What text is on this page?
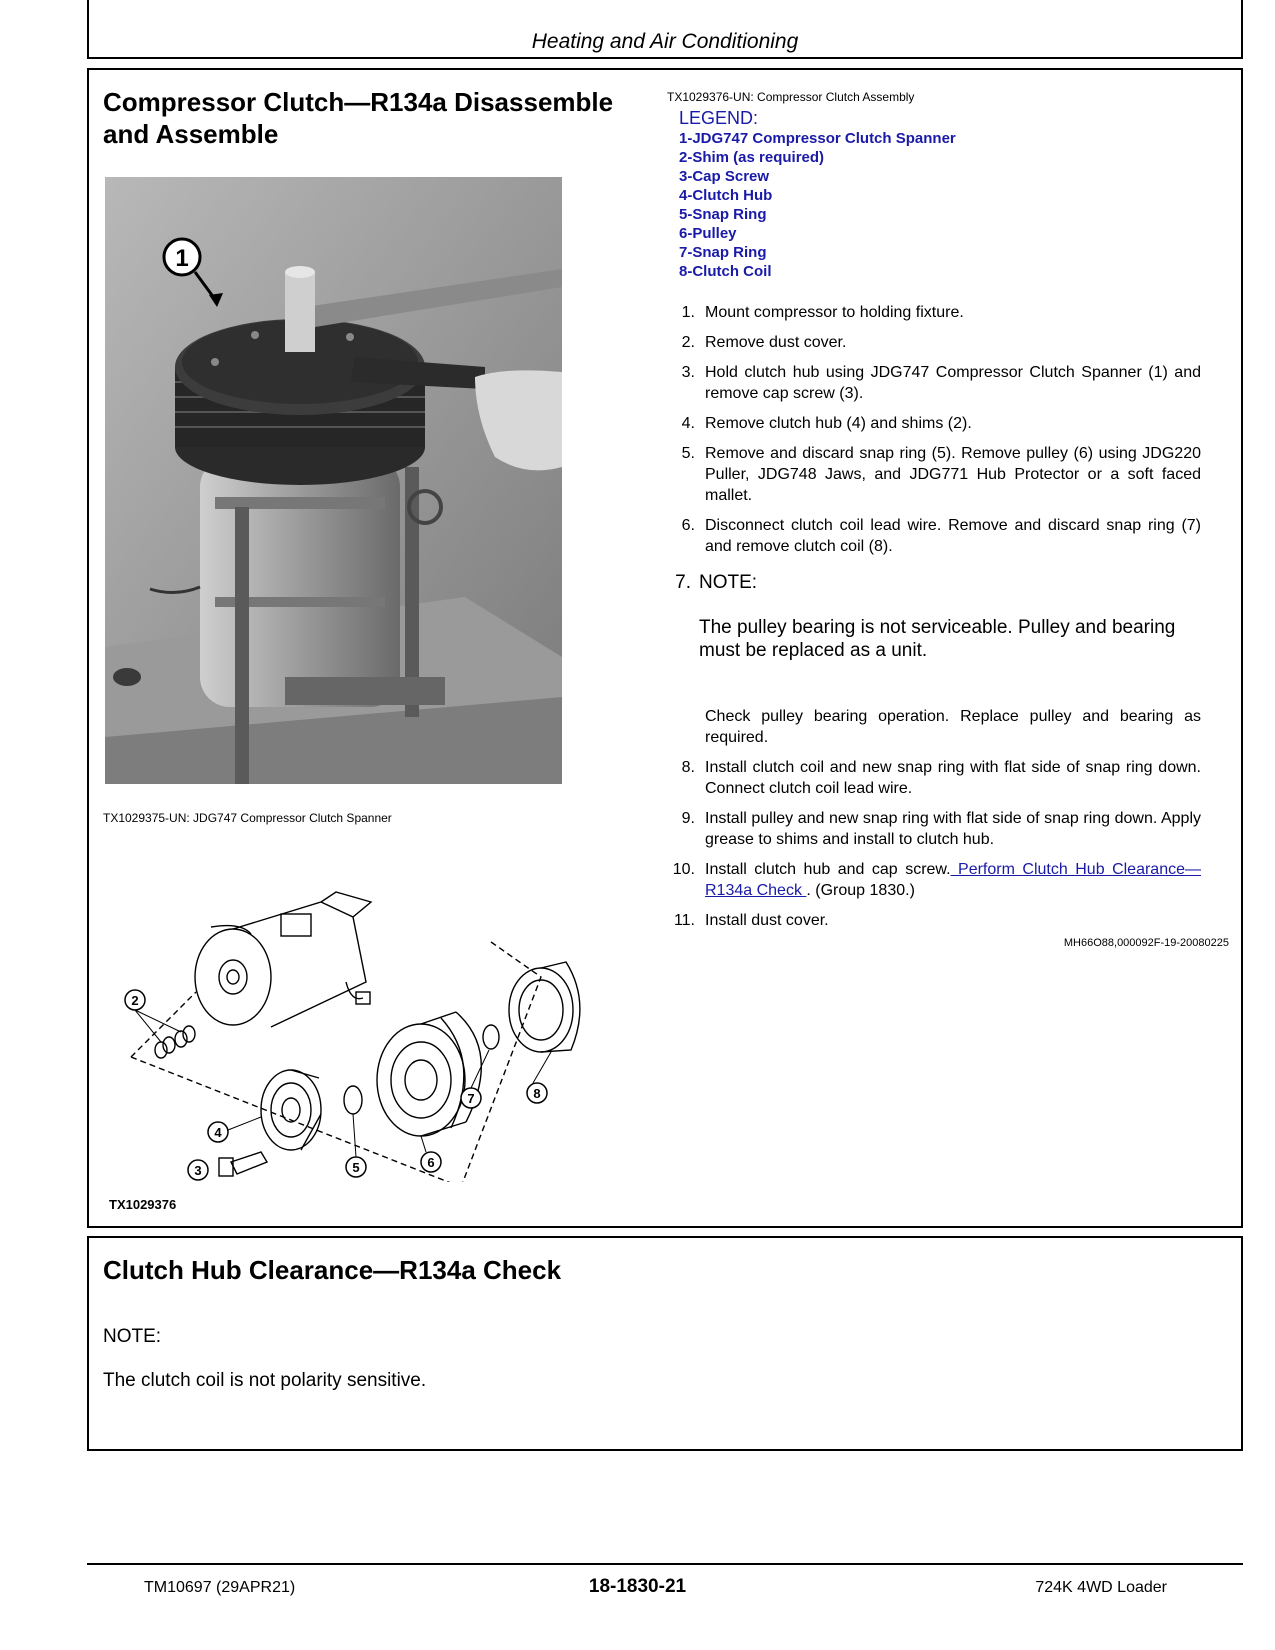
Heating and Air Conditioning
Compressor Clutch—R134a Disassemble and Assemble
1
TX1029375-UN: JDG747 Compressor Clutch Spanner
2
3
4
5	6
7	8
TX1029376
TX1029376-UN: Compressor Clutch Assembly
LEGEND:
1-JDG747 Compressor Clutch Spanner
2-Shim (as required)
3-Cap Screw
4-Clutch Hub
5-Snap Ring
6-Pulley
7-Snap Ring
8-Clutch Coil
1. Mount compressor to holding fixture.
2. Remove dust cover.
3. Hold clutch hub using JDG747 Compressor Clutch Spanner (1) and remove cap screw (3).
4. Remove clutch hub (4) and shims (2).
5. Remove and discard snap ring (5). Remove pulley (6) using JDG220 Puller, JDG748 Jaws, and JDG771 Hub Protector or a soft faced mallet.
6. Disconnect clutch coil lead wire. Remove and discard snap ring (7) and remove clutch coil (8).
7. NOTE:
The pulley bearing is not serviceable. Pulley and bearing must be replaced as a unit.
Check pulley bearing operation. Replace pulley and bearing as required.
8. Install clutch coil and new snap ring with flat side of snap ring down. Connect clutch coil lead wire.
9. Install pulley and new snap ring with flat side of snap ring down. Apply grease to shims and install to clutch hub.
10. Install clutch hub and cap screw. Perform Clutch Hub Clearance—R134a Check . (Group 1830.)
11. Install dust cover.
MH66O88,000092F-19-20080225
Clutch Hub Clearance—R134a Check
NOTE:
The clutch coil is not polarity sensitive.
TM10697 (29APR21)	18-1830-21	724K 4WD Loader
